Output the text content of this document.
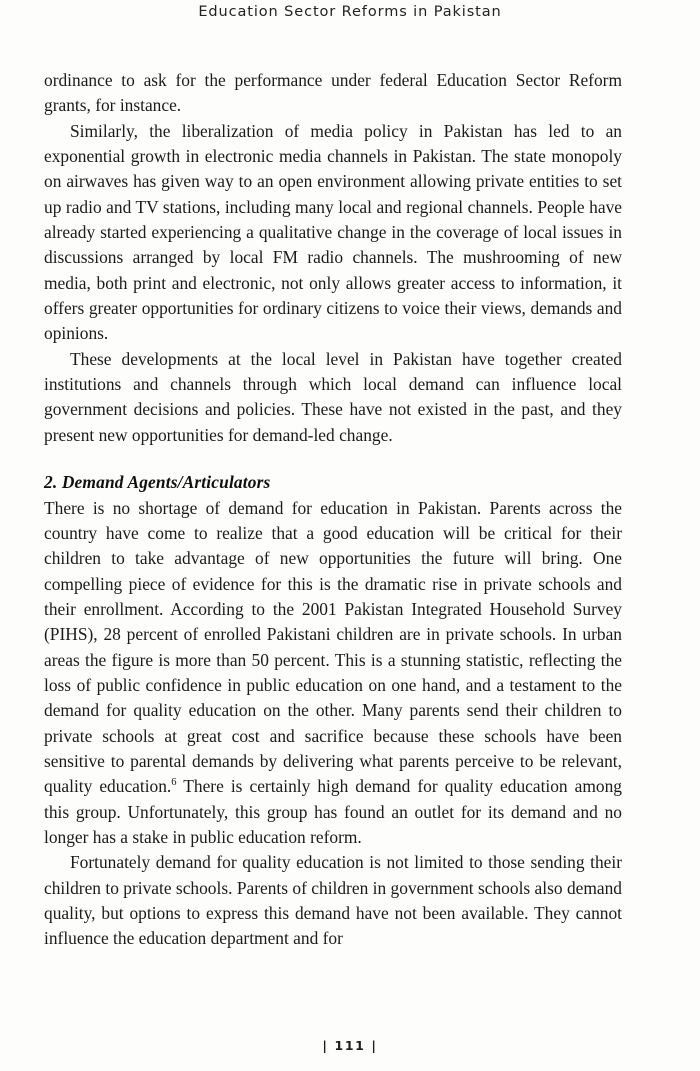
Education Sector Reforms in Pakistan

ordinance to ask for the performance under federal Education Sector Reform grants, for instance.

Similarly, the liberalization of media policy in Pakistan has led to an exponential growth in electronic media channels in Pakistan. The state monopoly on airwaves has given way to an open environment allowing private entities to set up radio and TV stations, including many local and regional channels. People have already started experiencing a qualitative change in the coverage of local issues in discussions arranged by local FM radio channels. The mushrooming of new media, both print and electronic, not only allows greater access to information, it offers greater opportunities for ordinary citizens to voice their views, demands and opinions.

These developments at the local level in Pakistan have together created institutions and channels through which local demand can influence local government decisions and policies. These have not existed in the past, and they present new opportunities for demand-led change.

2. Demand Agents/Articulators

There is no shortage of demand for education in Pakistan. Parents across the country have come to realize that a good education will be critical for their children to take advantage of new opportunities the future will bring. One compelling piece of evidence for this is the dramatic rise in private schools and their enrollment. According to the 2001 Pakistan Integrated Household Survey (PIHS), 28 percent of enrolled Pakistani children are in private schools. In urban areas the figure is more than 50 percent. This is a stunning statistic, reflecting the loss of public confidence in public education on one hand, and a testament to the demand for quality education on the other. Many parents send their children to private schools at great cost and sacrifice because these schools have been sensitive to parental demands by delivering what parents perceive to be relevant, quality education.$^6$ There is certainly high demand for quality education among this group. Unfortunately, this group has found an outlet for its demand and no longer has a stake in public education reform.

Fortunately demand for quality education is not limited to those sending their children to private schools. Parents of children in government schools also demand quality, but options to express this demand have not been available. They cannot influence the education department and for

| 111 |
